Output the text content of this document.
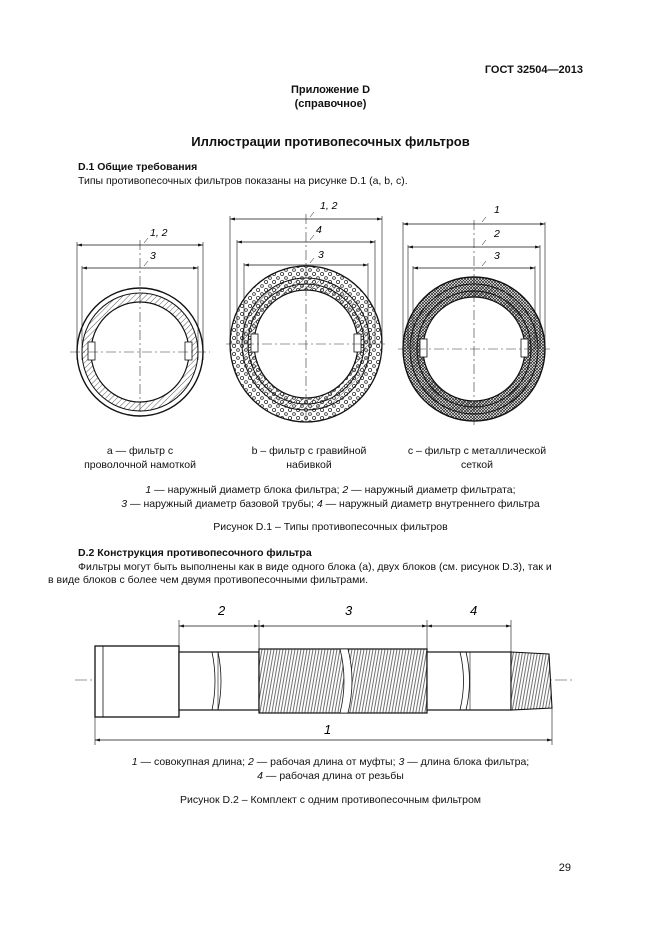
ГОСТ 32504—2013
Приложение D
(справочное)
Иллюстрации противопесочных фильтров
D.1 Общие требования
Типы противопесочных фильтров показаны на рисунке D.1 (a, b, c).
1, 2
3
1, 2
4
3
1
2
3
2	3	4
1
a — фильтр с
проволочной намоткой
b – фильтр с гравийной
набивкой
c – фильтр с металлической
сеткой
1 — наружный диаметр блока фильтра; 2 — наружный диаметр фильтрата;
3 — наружный диаметр базовой трубы; 4 — наружный диаметр внутреннего фильтра
Рисунок D.1 – Типы противопесочных фильтров
D.2 Конструкция противопесочного фильтра
Фильтры могут быть выполнены как в виде одного блока (а), двух блоков (см. рисунок D.3), так и
в виде блоков с более чем двумя противопесочными фильтрами.
1 — совокупная длина; 2 — рабочая длина от муфты; 3 — длина блока фильтра;
4 — рабочая длина от резьбы
Рисунок D.2 – Комплект с одним противопесочным фильтром
29
